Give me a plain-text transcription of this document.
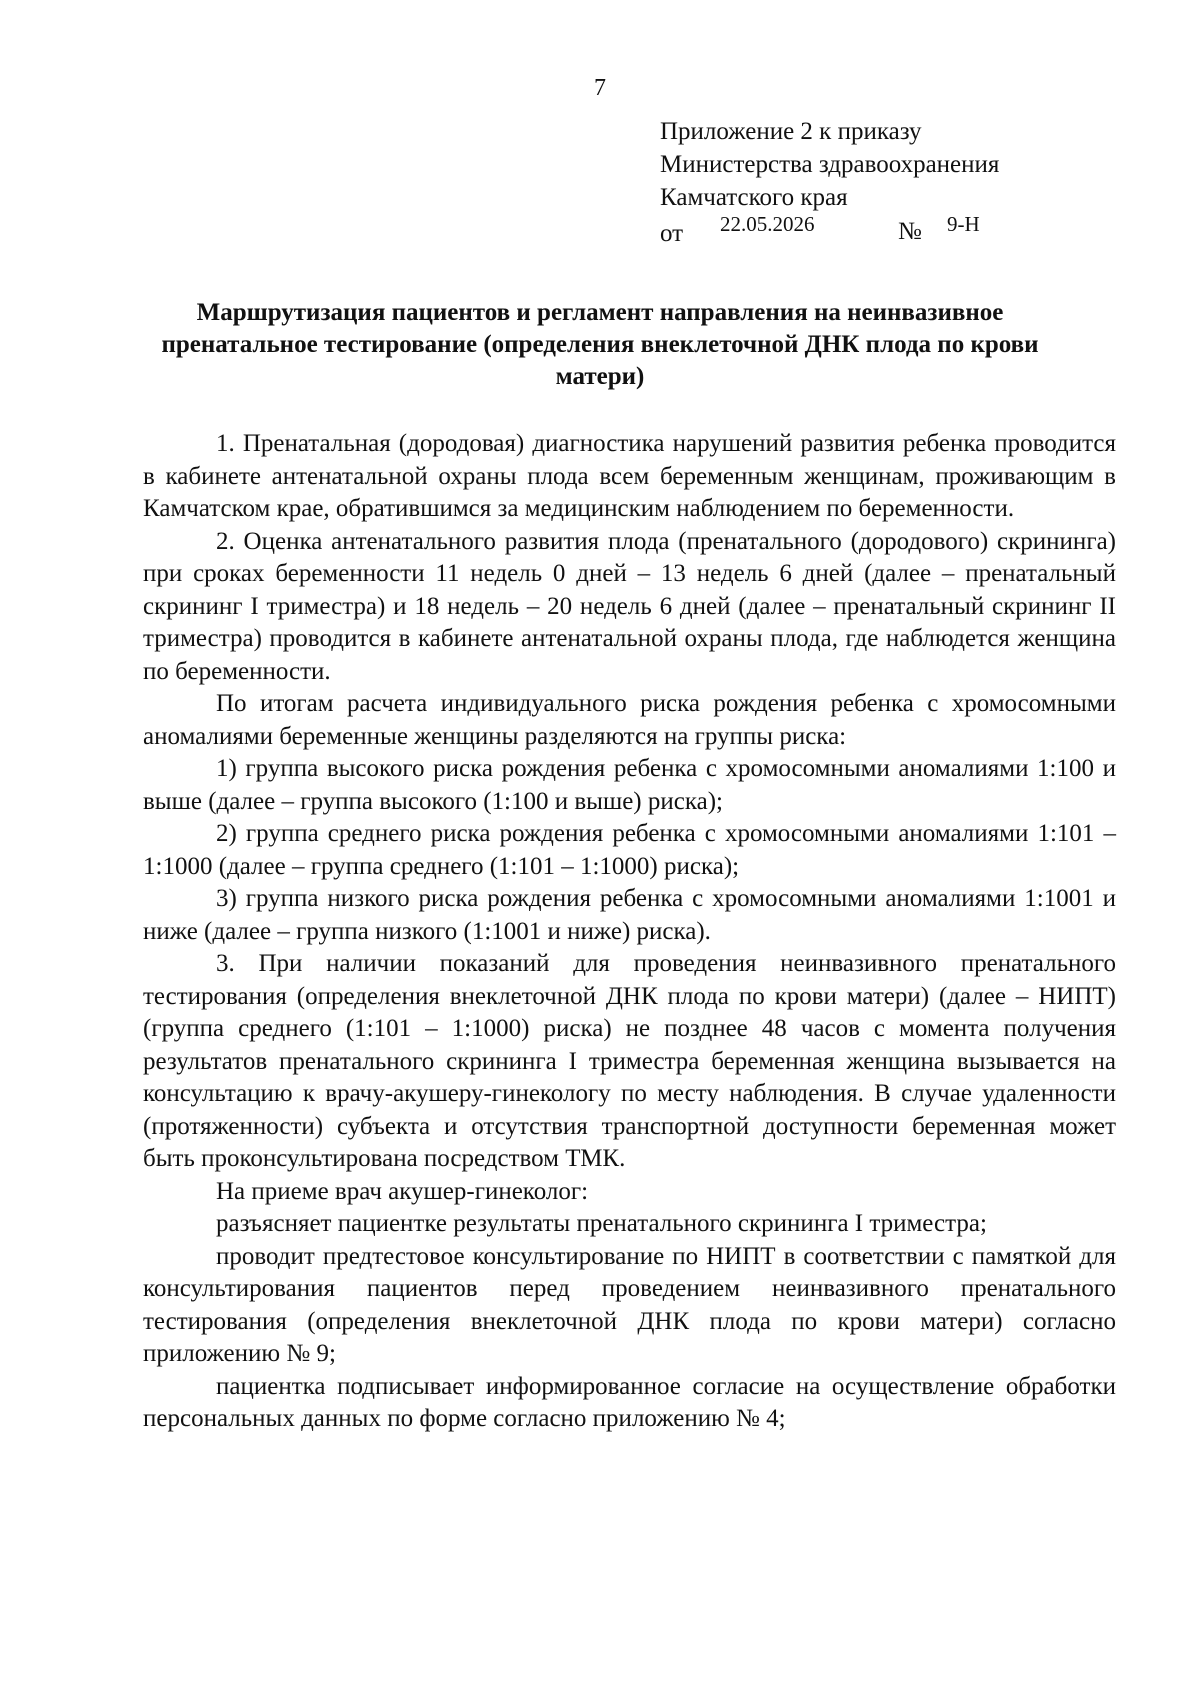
7
Приложение 2 к приказу
Министерства здравоохранения
Камчатского края
от 22.05.2026	№ 9-Н
Маршрутизация пациентов и регламент направления на неинвазивное пренатальное тестирование (определения внеклеточной ДНК плода по крови матери)

1. Пренатальная (дородовая) диагностика нарушений развития ребенка проводится в кабинете антенатальной охраны плода всем беременным женщинам, проживающим в Камчатском крае, обратившимся за медицинским наблюдением по беременности.

2. Оценка антенатального развития плода (пренатального (дородового) скрининга) при сроках беременности 11 недель 0 дней – 13 недель 6 дней (далее – пренатальный скрининг I триместра) и 18 недель – 20 недель 6 дней (далее – пренатальный скрининг II триместра) проводится в кабинете антенатальной охраны плода, где наблюдется женщина по беременности.

По итогам расчета индивидуального риска рождения ребенка с хромосомными аномалиями беременные женщины разделяются на группы риска:

1) группа высокого риска рождения ребенка с хромосомными аномалиями 1:100 и выше (далее – группа высокого (1:100 и выше) риска);

2) группа среднего риска рождения ребенка с хромосомными аномалиями 1:101 – 1:1000 (далее – группа среднего (1:101 – 1:1000) риска);

3) группа низкого риска рождения ребенка с хромосомными аномалиями 1:1001 и ниже (далее – группа низкого (1:1001 и ниже) риска).

3. При наличии показаний для проведения неинвазивного пренатального тестирования (определения внеклеточной ДНК плода по крови матери) (далее – НИПТ) (группа среднего (1:101 – 1:1000) риска) не позднее 48 часов с момента получения результатов пренатального скрининга I триместра беременная женщина вызывается на консультацию к врачу-акушеру-гинекологу по месту наблюдения. В случае удаленности (протяженности) субъекта и отсутствия транспортной доступности беременная может быть проконсультирована посредством ТМК.

На приеме врач акушер-гинеколог:

разъясняет пациентке результаты пренатального скрининга I триместра;

проводит предтестовое консультирование по НИПТ в соответствии с памяткой для консультирования пациентов перед проведением неинвазивного пренатального тестирования (определения внеклеточной ДНК плода по крови матери) согласно приложению № 9;

пациентка подписывает информированное согласие на осуществление обработки персональных данных по форме согласно приложению № 4;
